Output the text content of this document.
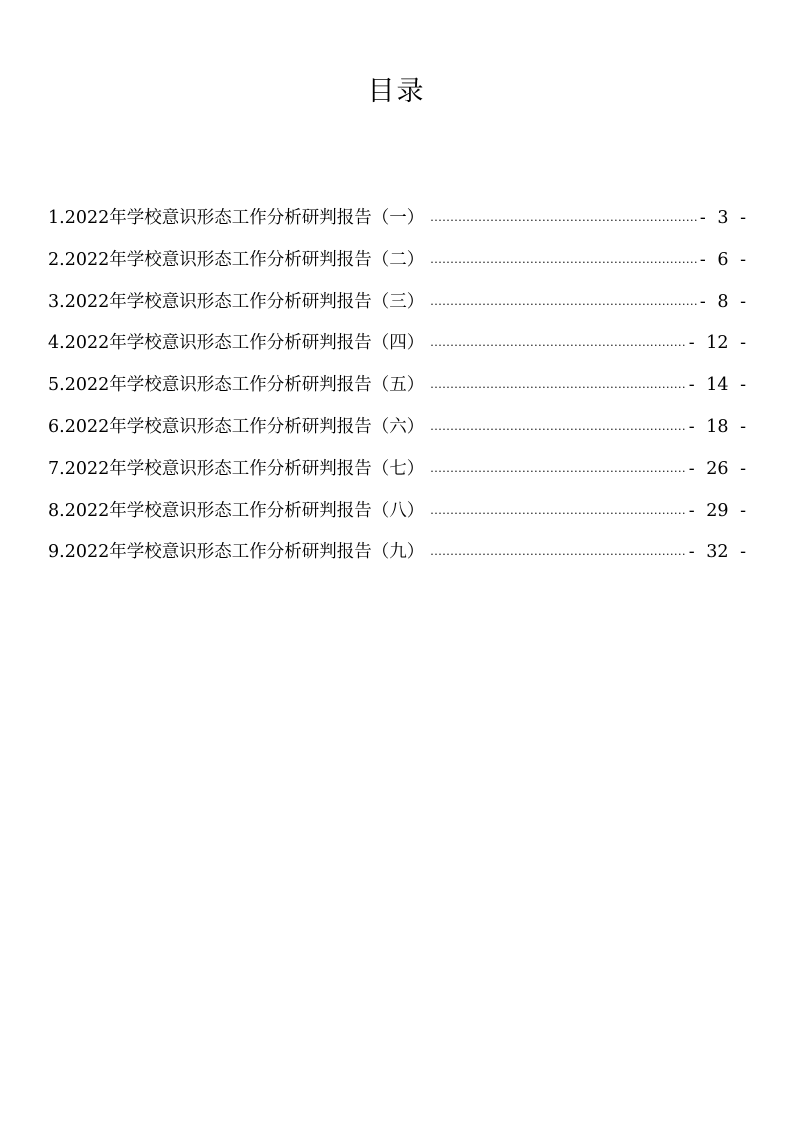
目录
1. 2022年学校意识形态工作分析研判报告（一） .....	- 3 -
2. 2022年学校意识形态工作分析研判报告（二） .....	- 6 -
3. 2022年学校意识形态工作分析研判报告（三） .....	- 8 -
4. 2022年学校意识形态工作分析研判报告（四） .....	- 12 -
5. 2022年学校意识形态工作分析研判报告（五） .....	- 14 -
6. 2022年学校意识形态工作分析研判报告（六） .....	- 18 -
7. 2022年学校意识形态工作分析研判报告（七） .....	- 26 -
8. 2022年学校意识形态工作分析研判报告（八） .....	- 29 -
9. 2022年学校意识形态工作分析研判报告（九） .....	- 32 -
